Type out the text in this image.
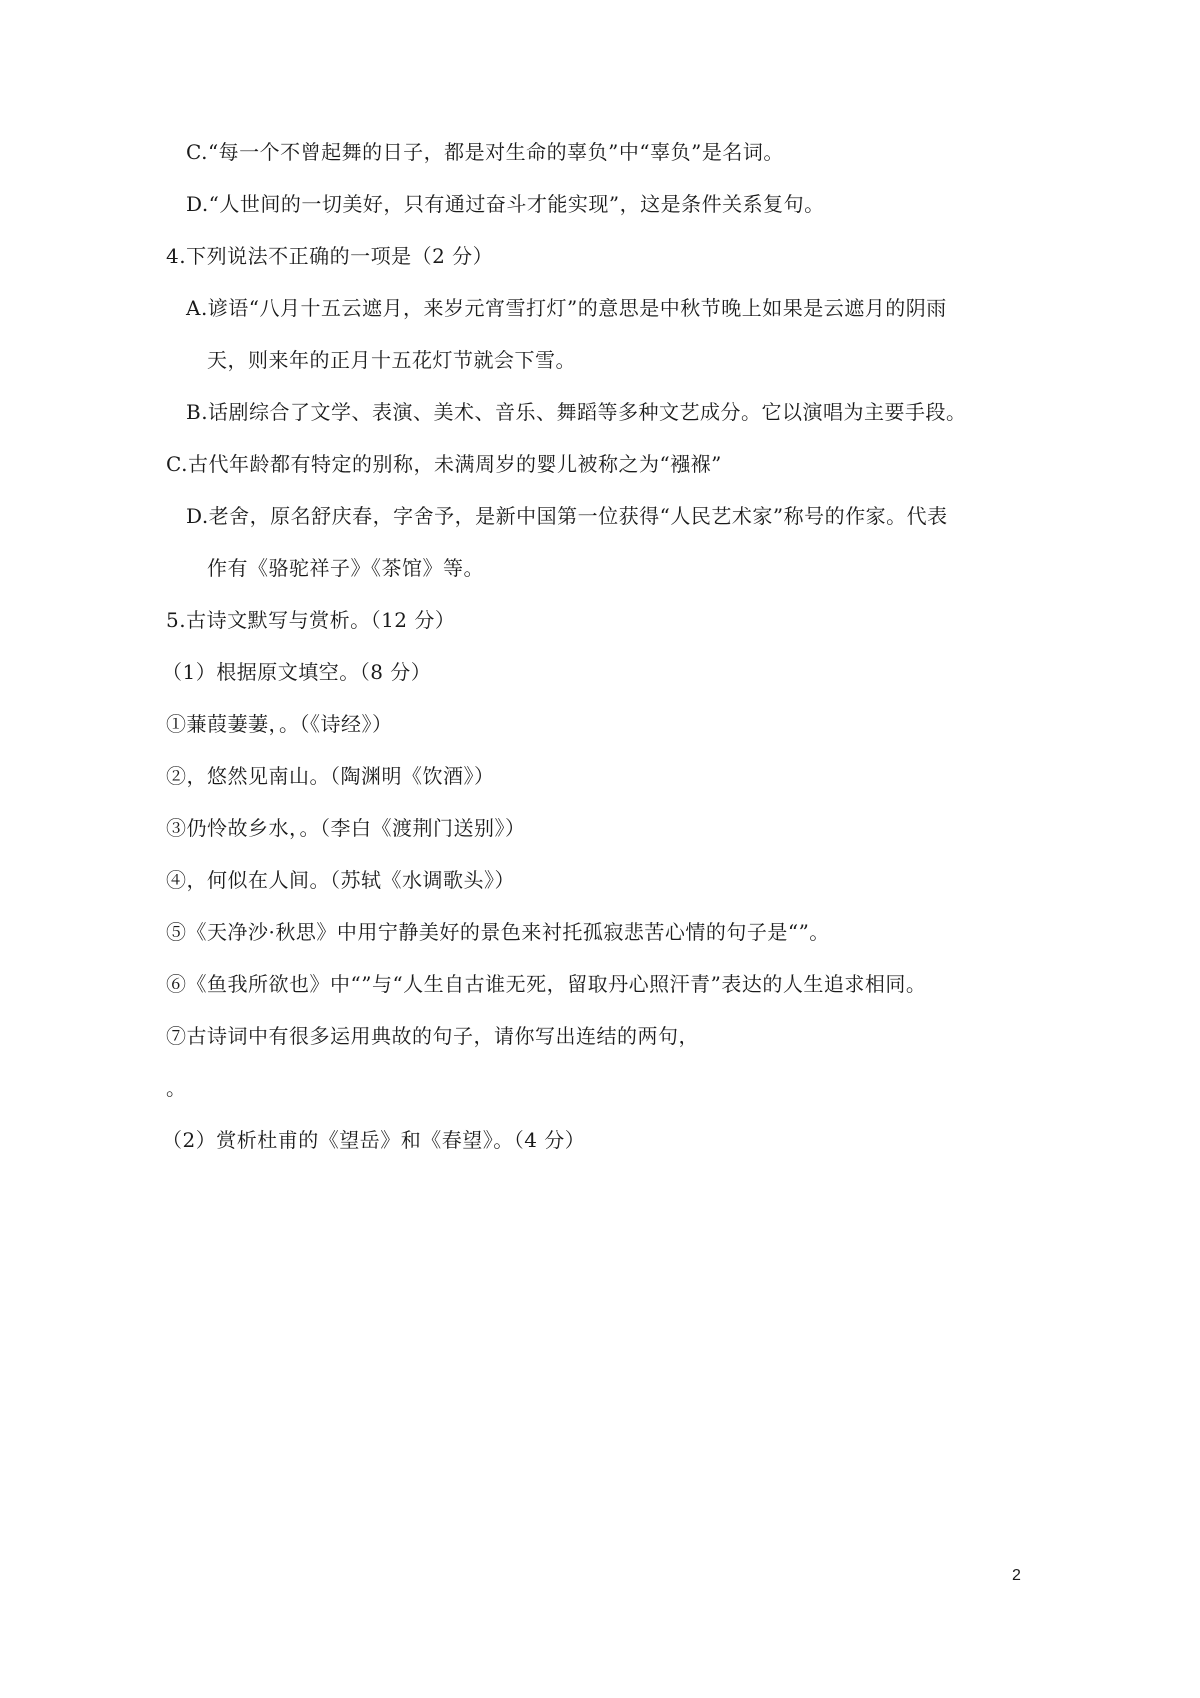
C.“每一个不曾起舞的日子，都是对生命的辜负”中“辜负”是名词。
D.“人世间的一切美好，只有通过奋斗才能实现”，这是条件关系复句。
4.下列说法不正确的一项是（2 分）
A.谚语“八月十五云遮月，来岁元宵雪打灯”的意思是中秋节晚上如果是云遮月的阴雨
天，则来年的正月十五花灯节就会下雪。
B.话剧综合了文学、表演、美术、音乐、舞蹈等多种文艺成分。它以演唱为主要手段。
C.古代年龄都有特定的别称，未满周岁的婴儿被称之为“襁褓”
D.老舍，原名舒庆春，字舍予，是新中国第一位获得“人民艺术家”称号的作家。代表
作有《骆驼祥子》《茶馆》等。
5.古诗文默写与赏析。（12 分）
（1）根据原文填空。（8 分）
①蒹葭萋萋，。（《诗经》）
②，悠然见南山。（陶渊明《饮酒》）
③仍怜故乡水，。（李白《渡荆门送别》）
④，何似在人间。（苏轼《水调歌头》）
⑤《天净沙·秋思》中用宁静美好的景色来衬托孤寂悲苦心情的句子是“”。
⑥《鱼我所欲也》中“”与“人生自古谁无死，留取丹心照汗青”表达的人生追求相同。
⑦古诗词中有很多运用典故的句子，请你写出连结的两句，
。
（2）赏析杜甫的《望岳》和《春望》。（4 分）
2
